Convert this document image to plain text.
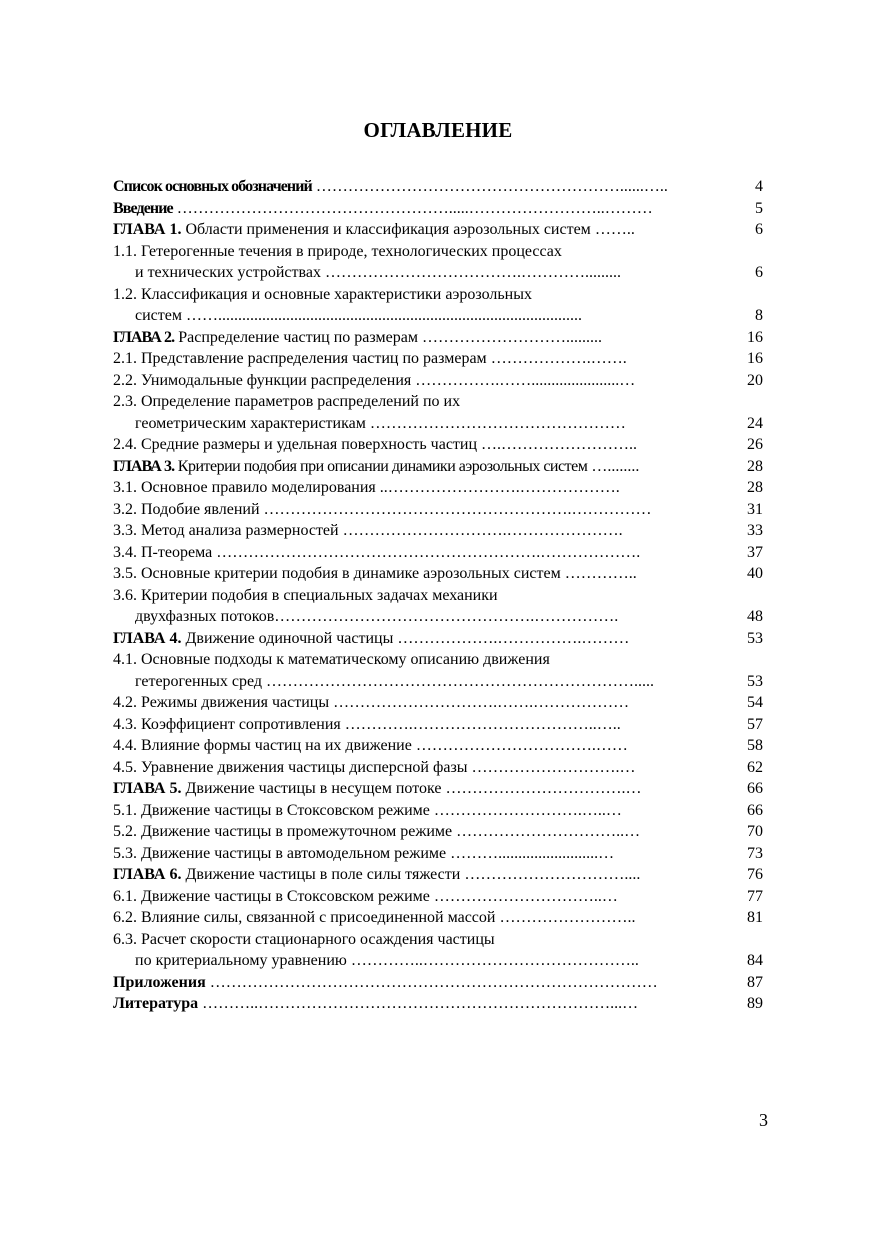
ОГЛАВЛЕНИЕ
Список основных обозначений …………………………………………………......…..	4
Введение …………………………………………….....……………………..………	5
ГЛАВА 1. Области применения и классификация аэрозольных систем ……..	6
1.1. Гетерогенные течения в природе, технологических процессах
и технических устройствах ……………………………….………….........	6
1.2. Классификация и основные характеристики аэрозольных
систем ……...........................................................................................	8
ГЛАВА 2. Распределение частиц по размерам ……………………….........	16
2.1. Представление распределения частиц по размерам ……………….…….	16
2.2. Унимодальные функции распределения …………….……......................…	20
2.3. Определение параметров распределений по их
геометрическим характеристикам …………………………………………	24
2.4. Средние размеры и удельная поверхность частиц ….……………………..	26
ГЛАВА 3. Критерии подобия при описании динамики аэрозольных систем …........	28
3.1. Основное правило моделирования ..…………………….……………….	28
3.2. Подобие явлений ………………………………………………….……………	31
3.3. Метод анализа размерностей ………………………….………………….	33
3.4. П-теорема …………………………………………………….……………….	37
3.5. Основные критерии подобия в динамике аэрозольных систем …………..	40
3.6. Критерии подобия в специальных задачах механики
двухфазных потоков………………………………………….…………….	48
ГЛАВА 4. Движение одиночной частицы ……………….…………….………	53
4.1. Основные подходы к математическому описанию движения
гетерогенных сред …………………………………………………………….....	53
4.2. Режимы движения частицы ………………………….…….………………	54
4.3. Коэффициент сопротивления ………….……………………………..…..	57
4.4. Влияние формы частиц на их движение …………………………….……	58
4.5. Уравнение движения частицы дисперсной фазы ……………………….…	62
ГЛАВА 5. Движение частицы в несущем потоке …………………………….…	66
5.1. Движение частицы в Стоксовском режиме ……………………….…..…	66
5.2. Движение частицы в промежуточном режиме …………………………..…	70
5.3. Движение частицы в автомодельном режиме ……….........................…	73
ГЛАВА 6. Движение частицы в поле силы тяжести …………………………....	76
6.1. Движение частицы в Стоксовском режиме …………………………..…	77
6.2. Влияние силы, связанной с присоединенной массой ……………………..	81
6.3. Расчет скорости стационарного осаждения частицы
по критериальному уравнению …………..…………………………………..	84
Приложения …………………………………………………………………………	87
Литература ………..…………………………………………………………...…	89
3
